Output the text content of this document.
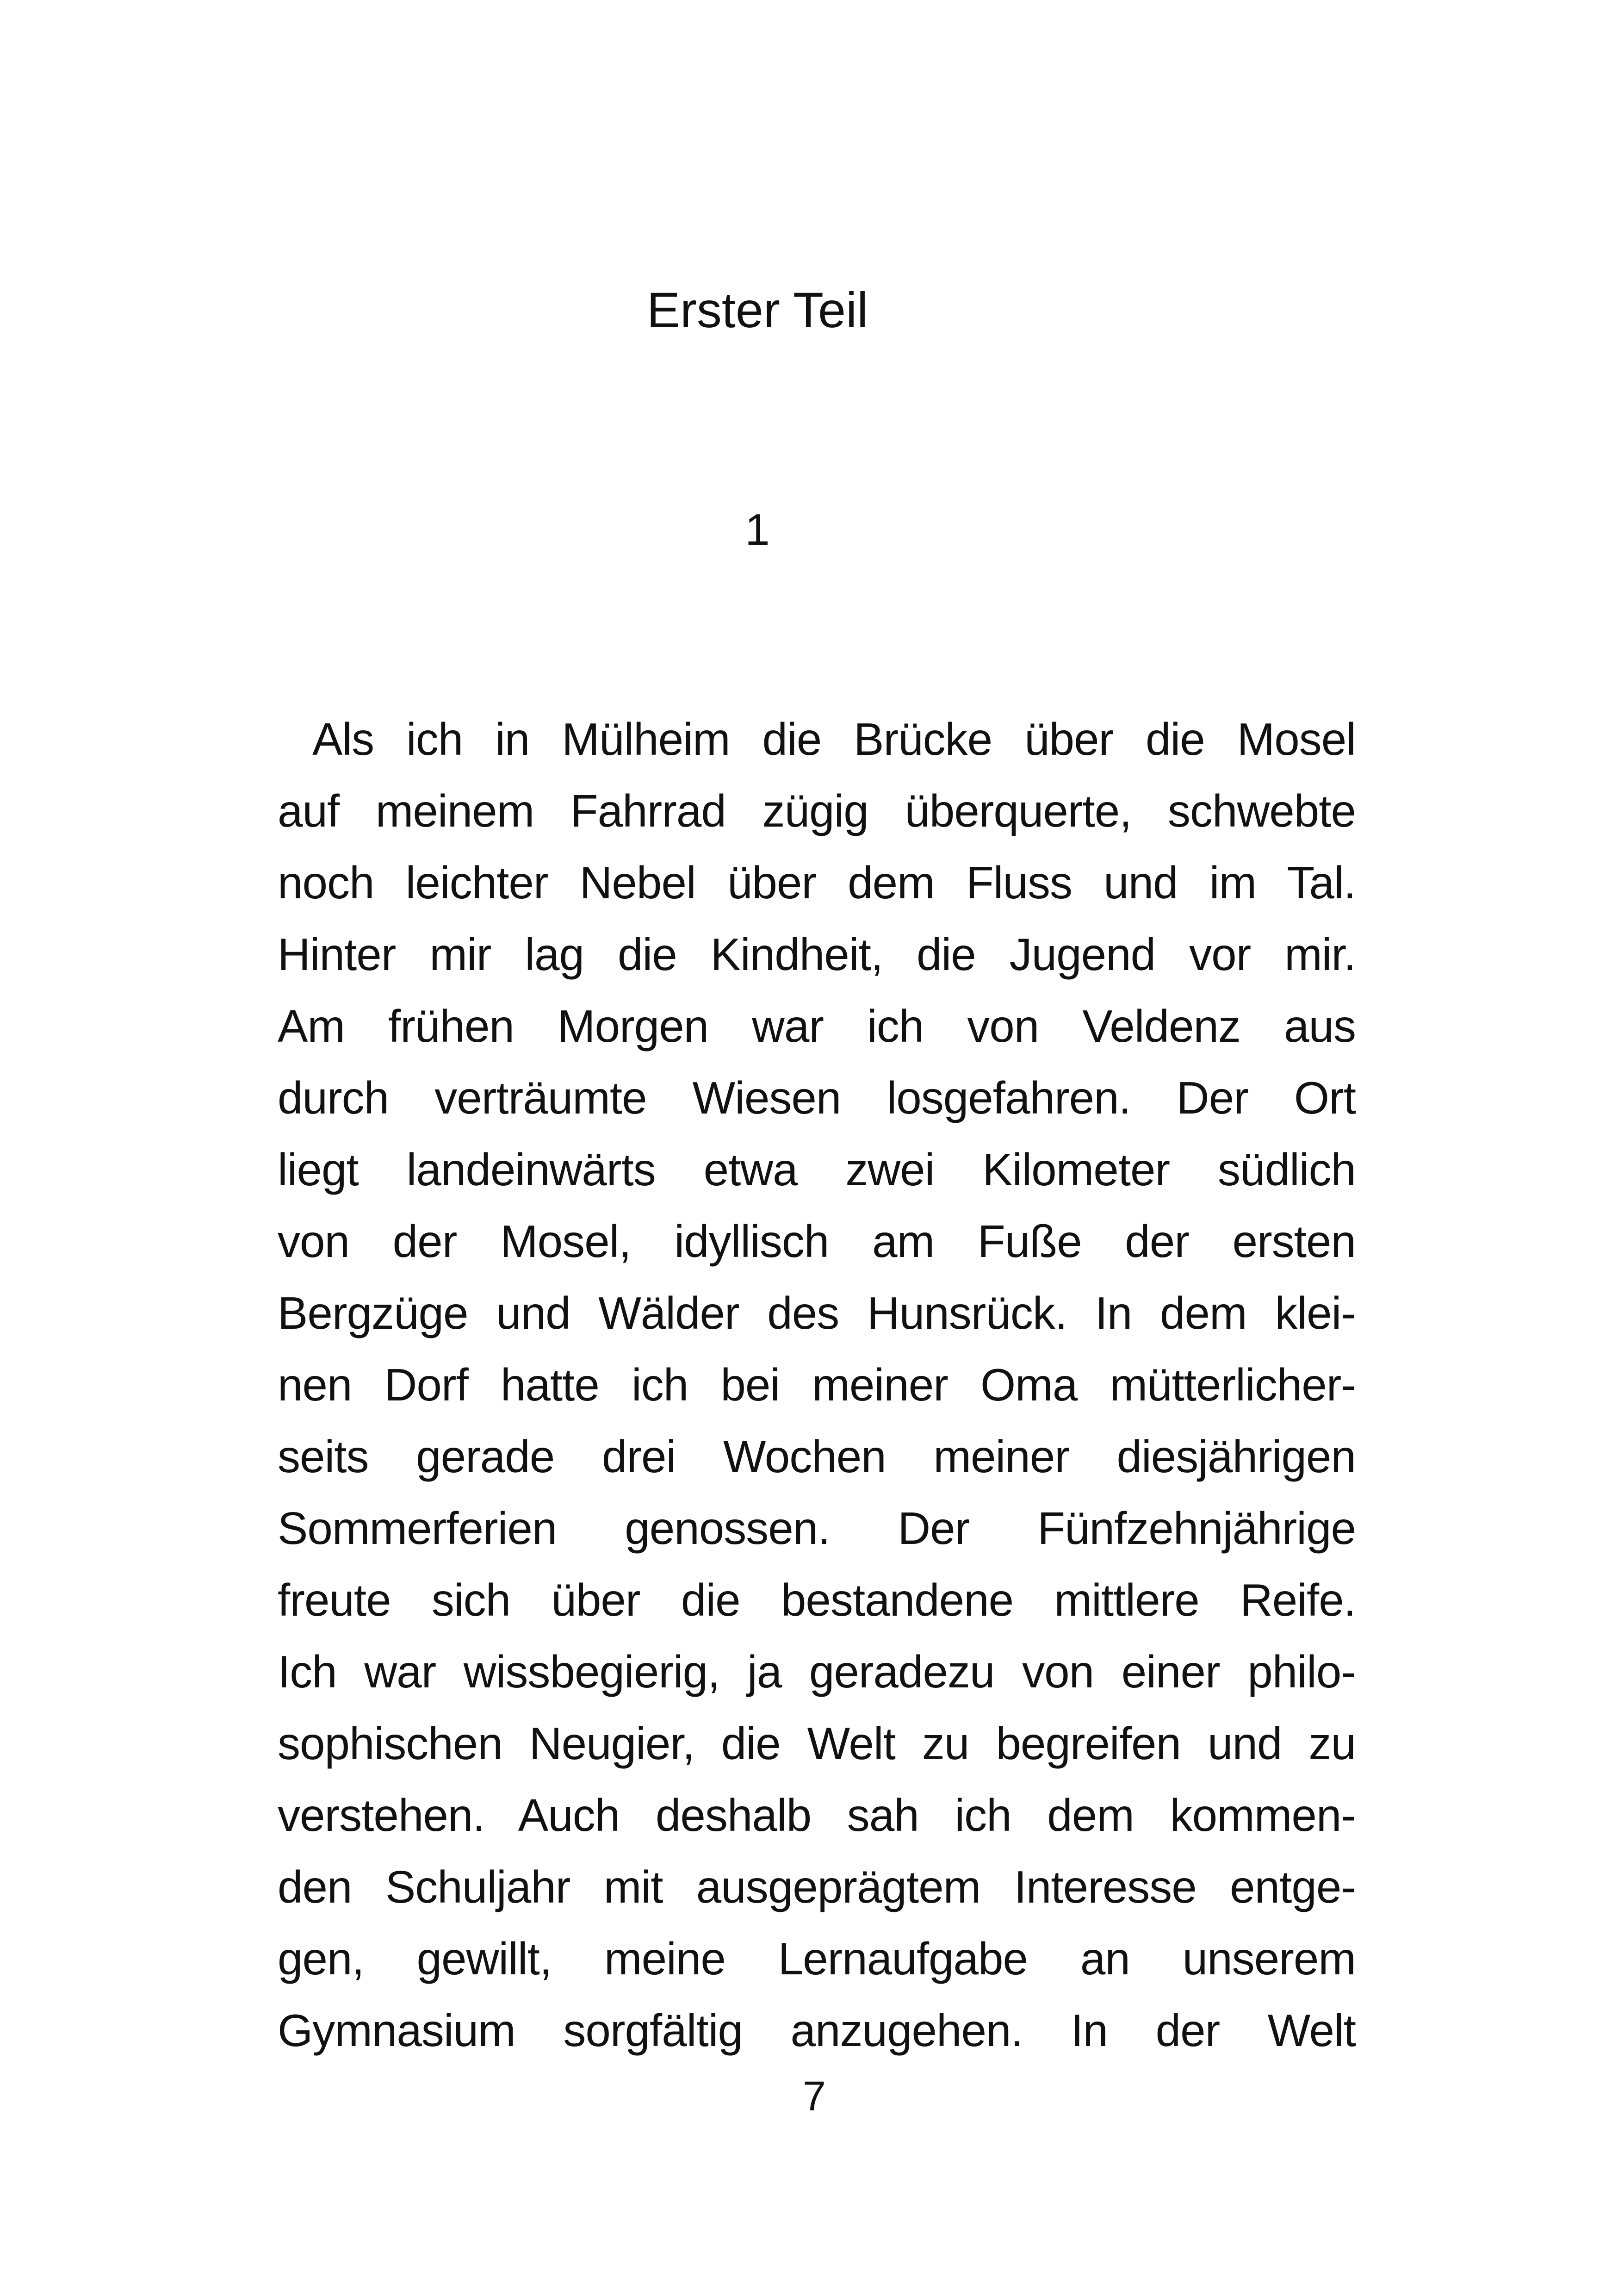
Erster Teil
1
Als ich in Mülheim die Brücke über die Mosel
auf meinem Fahrrad zügig überquerte, schwebte
noch leichter Nebel über dem Fluss und im Tal.
Hinter mir lag die Kindheit, die Jugend vor mir.
Am frühen Morgen war ich von Veldenz aus
durch verträumte Wiesen losgefahren. Der Ort
liegt landeinwärts etwa zwei Kilometer südlich
von der Mosel, idyllisch am Fuße der ersten
Bergzüge und Wälder des Hunsrück. In dem klei-
nen Dorf hatte ich bei meiner Oma mütterlicher-
seits gerade drei Wochen meiner diesjährigen
Sommerferien genossen. Der Fünfzehnjährige
freute sich über die bestandene mittlere Reife.
Ich war wissbegierig, ja geradezu von einer philo-
sophischen Neugier, die Welt zu begreifen und zu
verstehen. Auch deshalb sah ich dem kommen-
den Schuljahr mit ausgeprägtem Interesse entge-
gen, gewillt, meine Lernaufgabe an unserem
Gymnasium sorgfältig anzugehen. In der Welt
7
